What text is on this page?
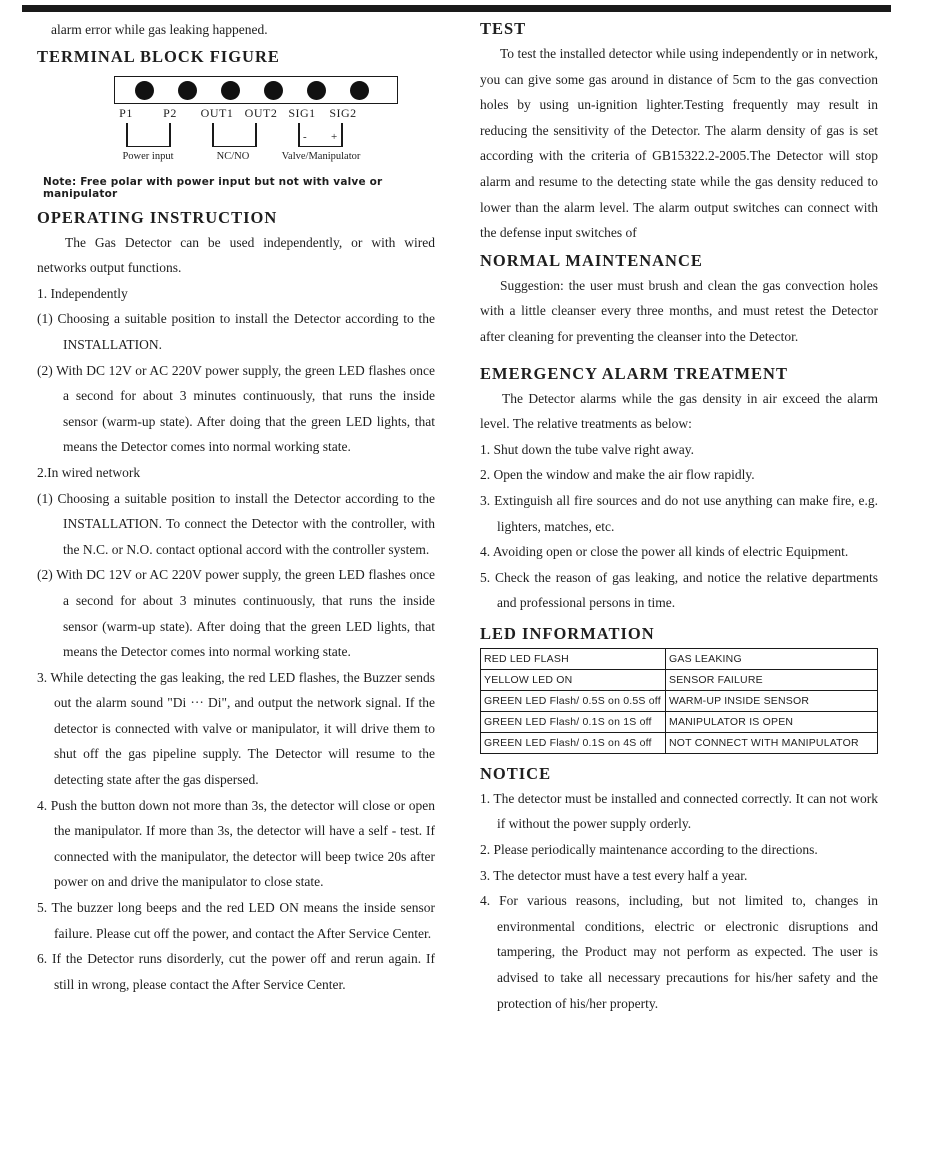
alarm error while gas leaking happened.

TERMINAL BLOCK FIGURE
P1	P2	OUT1 OUT2 SIG1	SIG2
- +
Power input	NC/NO	Valve/Manipulator
Note: Free polar with power input but not with valve or manipulator
OPERATING INSTRUCTION

The Gas Detector can be used independently, or with wired networks output functions.

1. Independently

(1) Choosing a suitable position to install the Detector according to the INSTALLATION.

(2) With DC 12V or AC 220V power supply, the green LED flashes once a second for about 3 minutes continuously, that runs the inside sensor (warm-up state). After doing that the green LED lights, that means the Detector comes into normal working state.

2.In wired network

(1) Choosing a suitable position to install the Detector according to the INSTALLATION. To connect the Detector with the controller, with the N.C. or N.O. contact optional accord with the controller system.

(2) With DC 12V or AC 220V power supply, the green LED flashes once a second for about 3 minutes continuously, that runs the inside sensor (warm-up state). After doing that the green LED lights, that means the Detector comes into normal working state.

3. While detecting the gas leaking, the red LED flashes, the Buzzer sends out the alarm sound "Di ··· Di", and output the network signal. If the detector is connected with valve or manipulator, it will drive them to shut off the gas pipeline supply. The Detector will resume to the detecting state after the gas dispersed.

4. Push the button down not more than 3s, the detector will close or open the manipulator. If more than 3s, the detector will have a self - test. If connected with the manipulator, the detector will beep twice 20s after power on and drive the manipulator to close state.

5. The buzzer long beeps and the red LED ON means the inside sensor failure. Please cut off the power, and contact the After Service Center.

6. If the Detector runs disorderly, cut the power off and rerun again. If still in wrong, please contact the After Service Center.

TEST

To test the installed detector while using independently or in network, you can give some gas around in distance of 5cm to the gas convection holes by using un-ignition lighter.Testing frequently may result in reducing the sensitivity of the Detector. The alarm density of gas is set according with the criteria of GB15322.2-2005.The Detector will stop alarm and resume to the detecting state while the gas density reduced to lower than the alarm level. The alarm output switches can connect with the defense input switches of

NORMAL MAINTENANCE

Suggestion: the user must brush and clean the gas convection holes with a little cleanser every three months, and must retest the Detector after cleaning for preventing the cleanser into the Detector.

EMERGENCY ALARM TREATMENT

The Detector alarms while the gas density in air exceed the alarm level. The relative treatments as below:

1. Shut down the tube valve right away.

2. Open the window and make the air flow rapidly.

3. Extinguish all fire sources and do not use anything can make fire, e.g. lighters, matches, etc.

4. Avoiding open or close the power all kinds of electric Equipment.

5. Check the reason of gas leaking, and notice the relative departments and professional persons in time.

LED INFORMATION
RED LED FLASH	GAS LEAKING
YELLOW LED ON	SENSOR FAILURE
GREEN LED Flash/ 0.5S on 0.5S off	WARM-UP INSIDE SENSOR
GREEN LED Flash/ 0.1S on 1S off	MANIPULATOR IS OPEN
GREEN LED Flash/ 0.1S on 4S off	NOT CONNECT WITH MANIPULATOR
NOTICE

1. The detector must be installed and connected correctly. It can not work if without the power supply orderly.

2. Please periodically maintenance according to the directions.

3. The detector must have a test every half a year.

4. For various reasons, including, but not limited to, changes in environmental conditions, electric or electronic disruptions and tampering, the Product may not perform as expected. The user is advised to take all necessary precautions for his/her safety and the protection of his/her property.
